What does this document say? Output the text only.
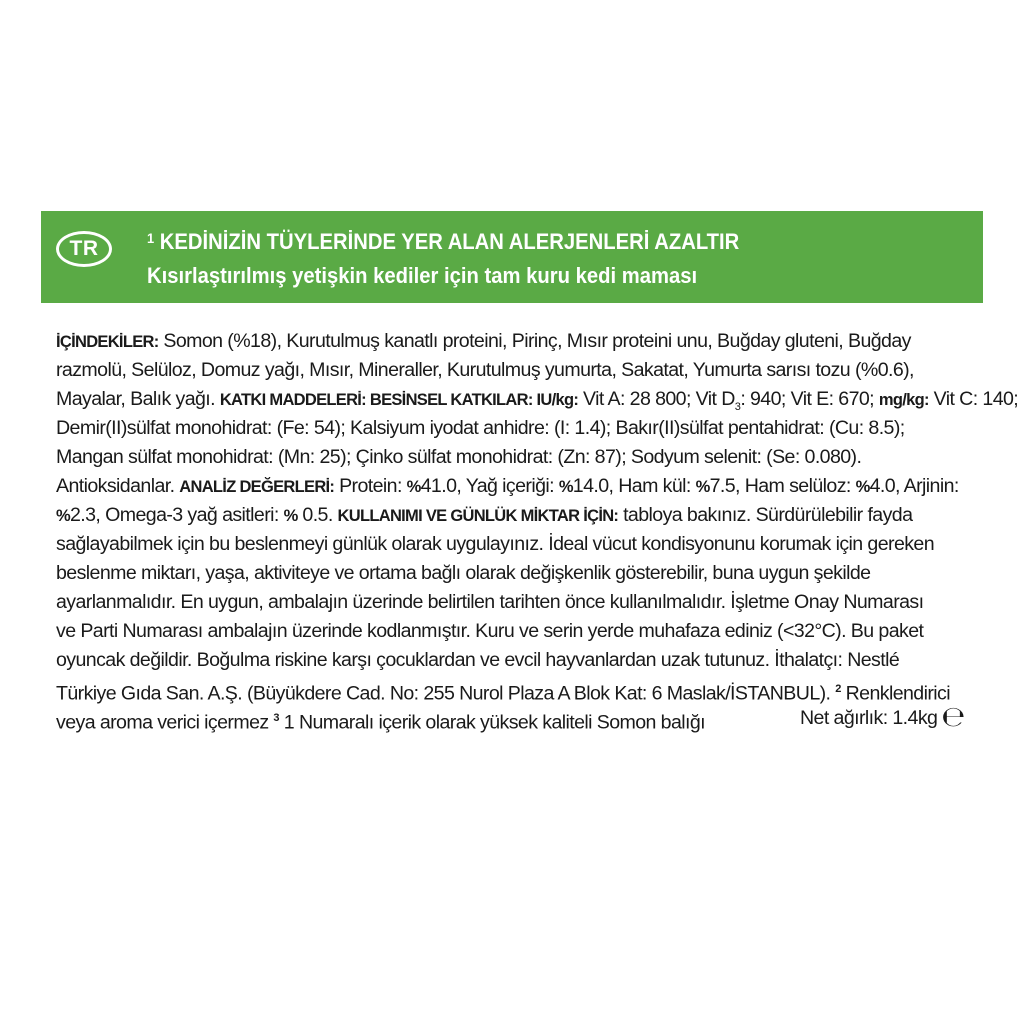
TR	$^1$ KEDİNİZİN TÜYLERİNDE YER ALAN ALERJENLERİ AZALTIR
Kısırlaştırılmış yetişkin kediler için tam kuru kedi maması
İÇİNDEKİLER: Somon (%18), Kurutulmuş kanatlı proteini, Pirinç, Mısır proteini unu, Buğday gluteni, Buğday
razmolü, Selüloz, Domuz yağı, Mısır, Mineraller, Kurutulmuş yumurta, Sakatat, Yumurta sarısı tozu (%0.6),
Mayalar, Balık yağı. KATKI MADDELERİ: BESİNSEL KATKILAR: IU/kg: Vit A: 28 800; Vit $D_3$: 940; Vit E: 670; mg/kg: Vit C: 140;
Demir(II)sülfat monohidrat: (Fe: 54); Kalsiyum iyodat anhidre: (I: 1.4); Bakır(II)sülfat pentahidrat: (Cu: 8.5);
Mangan sülfat monohidrat: (Mn: 25); Çinko sülfat monohidrat: (Zn: 87); Sodyum selenit: (Se: 0.080).
Antioksidanlar. ANALİZ DEĞERLERİ: Protein: %41.0, Yağ içeriği: %14.0, Ham kül: %7.5, Ham selüloz: %4.0, Arjinin:
%2.3, Omega-3 yağ asitleri: % 0.5. KULLANIMI VE GÜNLÜK MİKTAR İÇİN: tabloya bakınız. Sürdürülebilir fayda
sağlayabilmek için bu beslenmeyi günlük olarak uygulayınız. İdeal vücut kondisyonunu korumak için gereken
beslenme miktarı, yaşa, aktiviteye ve ortama bağlı olarak değişkenlik gösterebilir, buna uygun şekilde
ayarlanmalıdır. En uygun, ambalajın üzerinde belirtilen tarihten önce kullanılmalıdır. İşletme Onay Numarası
ve Parti Numarası ambalajın üzerinde kodlanmıştır. Kuru ve serin yerde muhafaza ediniz (<32°C). Bu paket
oyuncak değildir. Boğulma riskine karşı çocuklardan ve evcil hayvanlardan uzak tutunuz. İthalatçı: Nestlé
Türkiye Gıda San. A.Ş. (Büyükdere Cad. No: 255 Nurol Plaza A Blok Kat: 6 Maslak/İSTANBUL). $^2$ Renklendirici
veya aroma verici içermez $^3$ 1 Numaralı içerik olarak yüksek kaliteli Somon balığı	Net ağırlık: 1.4kg ℮
